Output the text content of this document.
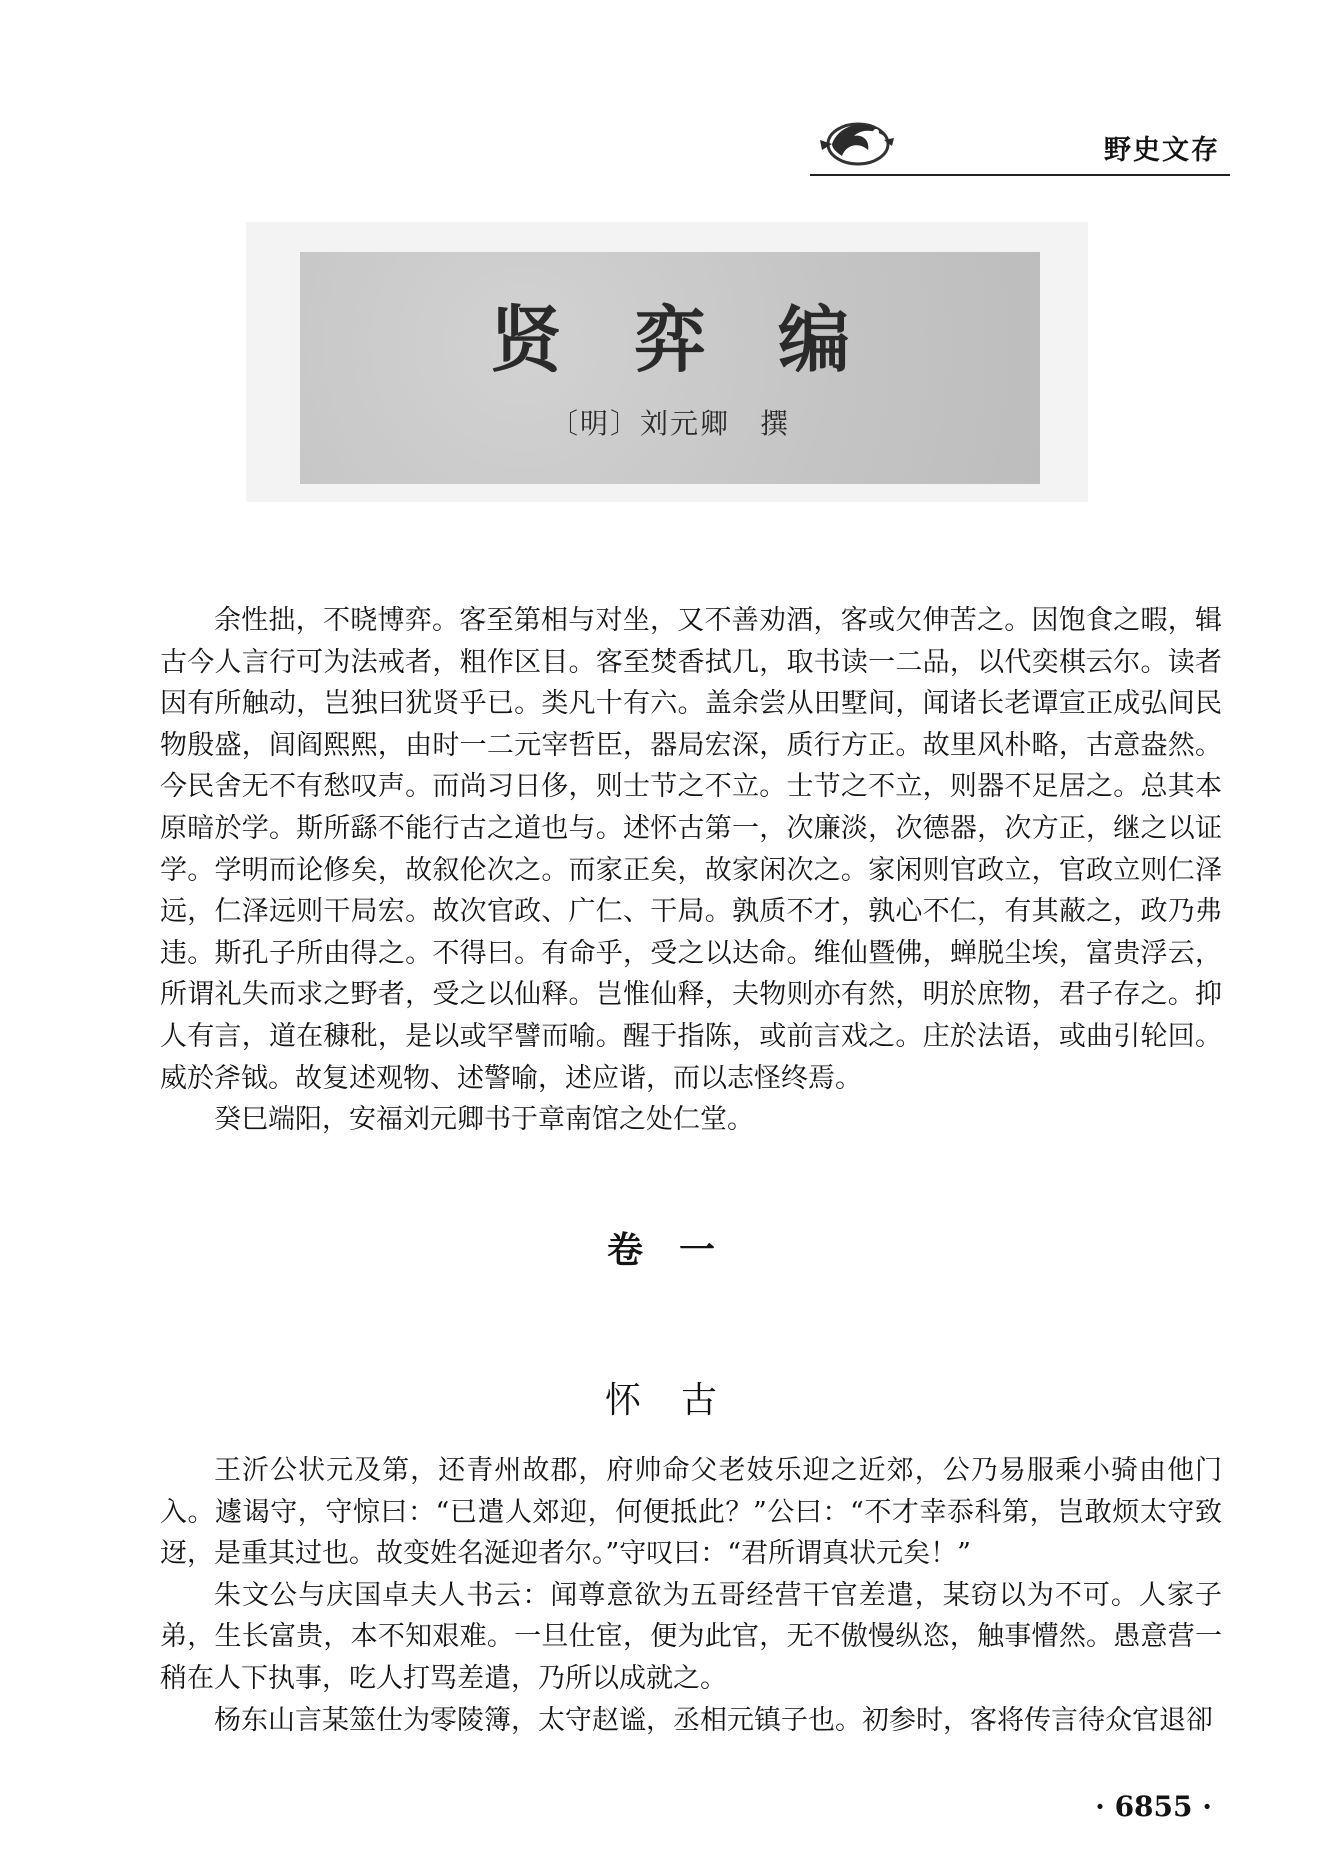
野史文存
贤弈编
〔明〕刘元卿　撰

余性拙，不晓博弈。客至第相与对坐，又不善劝酒，客或欠伸苦之。因饱食之暇，辑古今人言行可为法戒者，粗作区目。客至焚香拭几，取书读一二品，以代奕棋云尔。读者因有所触动，岂独曰犹贤乎已。类凡十有六。盖余尝从田墅间，闻诸长老谭宣正成弘间民物殷盛，闾阎熙熙，由时一二元宰哲臣，器局宏深，质行方正。故里风朴略，古意盎然。今民舍无不有愁叹声。而尚习日侈，则士节之不立。士节之不立，则器不足居之。总其本原暗於学。斯所繇不能行古之道也与。述怀古第一，次廉淡，次德器，次方正，继之以证学。学明而论修矣，故叙伦次之。而家正矣，故家闲次之。家闲则官政立，官政立则仁泽远，仁泽远则干局宏。故次官政、广仁、干局。孰质不才，孰心不仁，有其蔽之，政乃弗违。斯孔子所由得之。不得曰。有命乎，受之以达命。维仙暨佛，蝉脱尘埃，富贵浮云，所谓礼失而求之野者，受之以仙释。岂惟仙释，夫物则亦有然，明於庶物，君子存之。抑人有言，道在穅秕，是以或罕譬而喻。醒于指陈，或前言戏之。庄於法语，或曲引轮回。威於斧钺。故复述观物、述警喻，述应谐，而以志怪终焉。

癸巳端阳，安福刘元卿书于章南馆之处仁堂。

卷一
怀古

王沂公状元及第，还青州故郡，府帅命父老妓乐迎之近郊，公乃易服乘小骑由他门入。遽谒守，守惊曰：“已遣人郊迎，何便抵此？”公曰：“不才幸忝科第，岂敢烦太守致迓，是重其过也。故变姓名涎迎者尔。”守叹曰：“君所谓真状元矣！”

朱文公与庆国卓夫人书云：闻尊意欲为五哥经营干官差遣，某窃以为不可。人家子弟，生长富贵，本不知艰难。一旦仕宦，便为此官，无不傲慢纵恣，触事懵然。愚意营一稍在人下执事，吃人打骂差遣，乃所以成就之。

杨东山言某筮仕为零陵簿，太守赵谧，丞相元镇子也。初参时，客将传言待众官退卻

· 6855 ·
